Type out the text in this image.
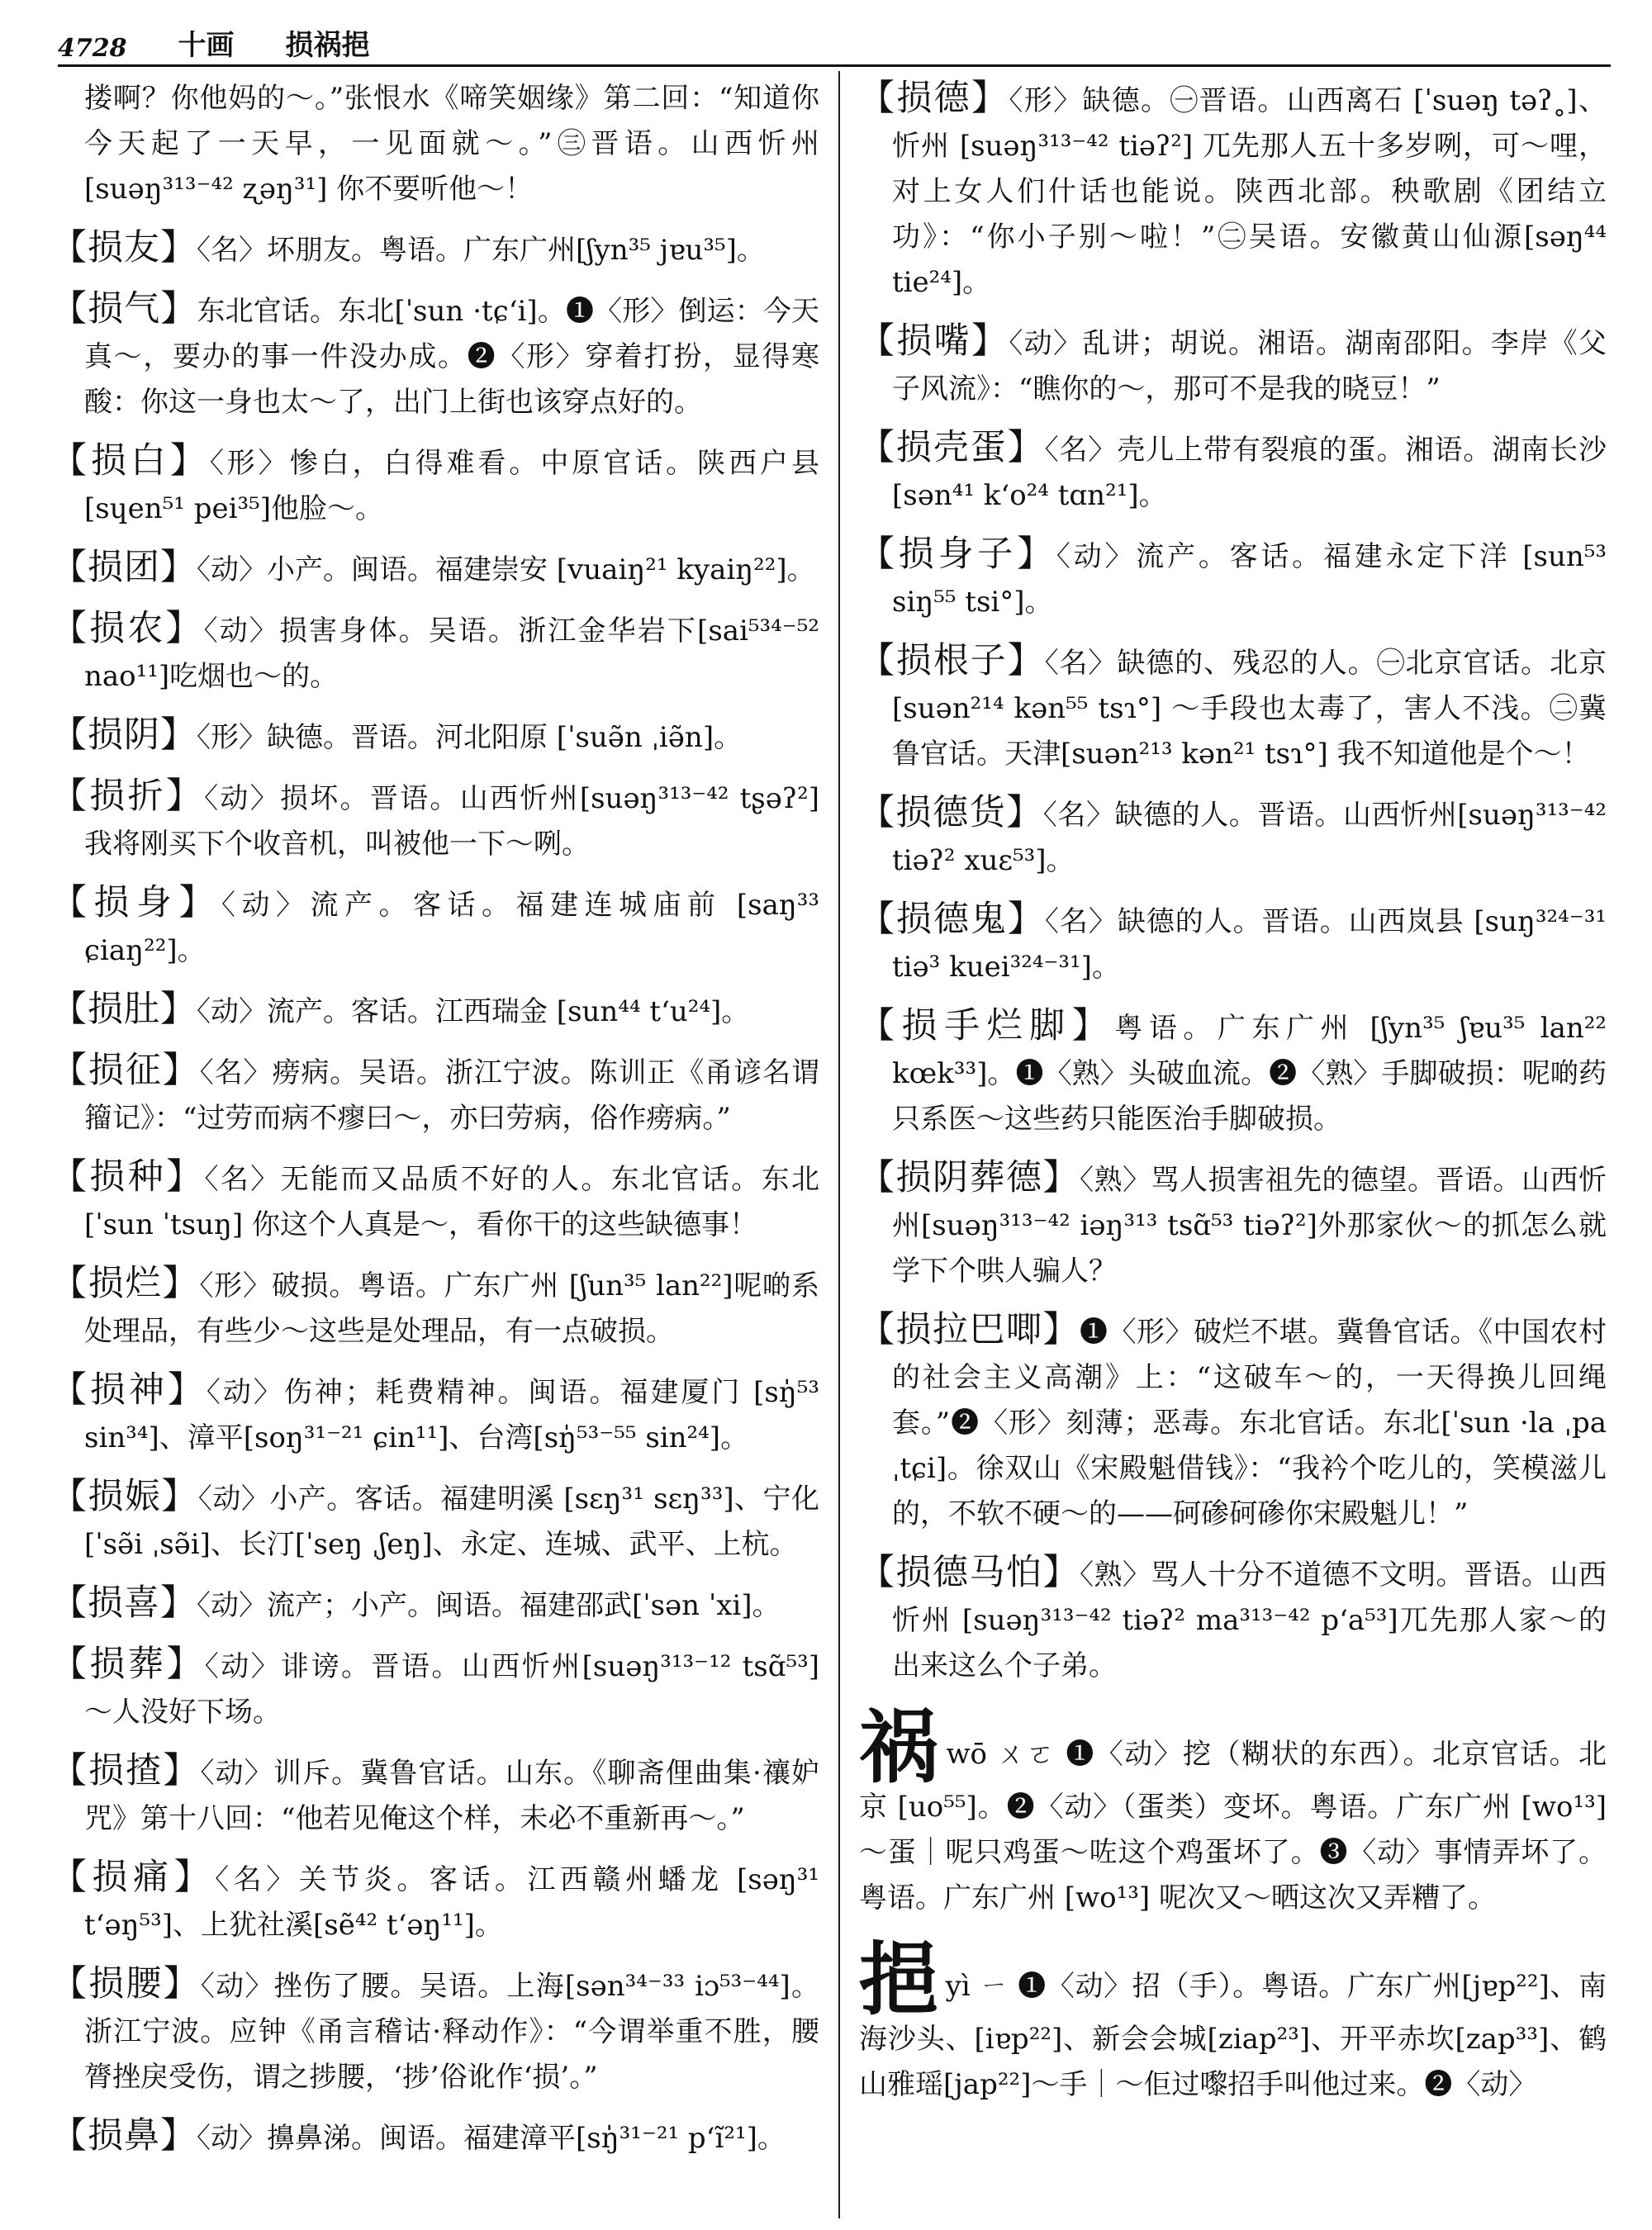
4728 十画 损祸挹

搂啊？你他妈的～。”张恨水《啼笑姻缘》第二回：“知道你今天起了一天早，一见面就～。”㊂晋语。山西忻州[suəŋ³¹³⁻⁴² ʐəŋ³¹] 你不要听他～！

【损友】〈名〉坏朋友。粤语。广东广州[ʃyn³⁵ jɐu³⁵]。

【损气】东北官话。东北[ˈsun ·tɕʻi]。❶〈形〉倒运：今天真～，要办的事一件没办成。❷〈形〉穿着打扮，显得寒酸：你这一身也太～了，出门上街也该穿点好的。

【损白】〈形〉惨白，白得难看。中原官话。陕西户县[sɥen⁵¹ pei³⁵]他脸～。

【损团】〈动〉小产。闽语。福建崇安 [vuaiŋ²¹ kyaiŋ²²]。

【损农】〈动〉损害身体。吴语。浙江金华岩下[sai⁵³⁴⁻⁵² nao¹¹]吃烟也～的。

【损阴】〈形〉缺德。晋语。河北阳原 [ˈsuə̃n ˌiə̃n]。

【损折】〈动〉损坏。晋语。山西忻州[suəŋ³¹³⁻⁴² tʂəʔ²] 我将刚买下个收音机，叫被他一下～咧。

【损身】〈动〉流产。客话。福建连城庙前 [saŋ³³ ɕiaŋ²²]。

【损肚】〈动〉流产。客话。江西瑞金 [sun⁴⁴ tʻu²⁴]。

【损征】〈名〉痨病。吴语。浙江宁波。陈训正《甬谚名谓籀记》：“过劳而病不瘳曰～，亦曰劳病，俗作痨病。”

【损种】〈名〉无能而又品质不好的人。东北官话。东北[ˈsun ˈtsuŋ] 你这个人真是～，看你干的这些缺德事！

【损烂】〈形〉破损。粤语。广东广州 [ʃun³⁵ lan²²]呢啲系处理品，有些少～这些是处理品，有一点破损。

【损神】〈动〉伤神；耗费精神。闽语。福建厦门 [sŋ̍⁵³ sin³⁴]、漳平[soŋ³¹⁻²¹ ɕin¹¹]、台湾[sŋ̍⁵³⁻⁵⁵ sin²⁴]。

【损娠】〈动〉小产。客话。福建明溪 [sɛŋ³¹ sɛŋ³³]、宁化[ˈsə̃i ˌsə̃i]、长汀[ˈseŋ ˌʃeŋ]、永定、连城、武平、上杭。

【损喜】〈动〉流产；小产。闽语。福建邵武[ˈsən ˈxi]。

【损葬】〈动〉诽谤。晋语。山西忻州[suəŋ³¹³⁻¹² tsɑ̃⁵³] ～人没好下场。

【损揸】〈动〉训斥。冀鲁官话。山东。《聊斋俚曲集·禳妒咒》第十八回：“他若见俺这个样，未必不重新再～。”

【损痛】〈名〉关节炎。客话。江西赣州蟠龙 [səŋ³¹ tʻəŋ⁵³]、上犹社溪[sẽ⁴² tʻəŋ¹¹]。

【损腰】〈动〉挫伤了腰。吴语。上海[sən³⁴⁻³³ iɔ⁵³⁻⁴⁴]。浙江宁波。应钟《甬言稽诂·释动作》：“今谓举重不胜，腰膂挫戾受伤，谓之捗腰，‘捗’俗讹作‘损’。”

【损鼻】〈动〉擤鼻涕。闽语。福建漳平[sŋ̍³¹⁻²¹ pʻĩ²¹]。

【损德】〈形〉缺德。㊀晋语。山西离石 [ˈsuəŋ təʔ˳]、忻州 [suəŋ³¹³⁻⁴² tiəʔ²] 兀先那人五十多岁咧，可～哩，对上女人们什话也能说。陕西北部。秧歌剧《团结立功》：“你小子别～啦！”㊁吴语。安徽黄山仙源[səŋ⁴⁴ tie²⁴]。

【损嘴】〈动〉乱讲；胡说。湘语。湖南邵阳。李岸《父子风流》：“瞧你的～，那可不是我的晓豆！”

【损壳蛋】〈名〉壳儿上带有裂痕的蛋。湘语。湖南长沙[sən⁴¹ kʻo²⁴ tɑn²¹]。

【损身子】〈动〉流产。客话。福建永定下洋 [sun⁵³ siŋ⁵⁵ tsi°]。

【损根子】〈名〉缺德的、残忍的人。㊀北京官话。北京[suən²¹⁴ kən⁵⁵ tsɿ°] ～手段也太毒了，害人不浅。㊁冀鲁官话。天津[suən²¹³ kən²¹ tsɿ°] 我不知道他是个～！

【损德货】〈名〉缺德的人。晋语。山西忻州[suəŋ³¹³⁻⁴² tiəʔ² xuɛ⁵³]。

【损德鬼】〈名〉缺德的人。晋语。山西岚县 [suŋ³²⁴⁻³¹ tiə³ kuei³²⁴⁻³¹]。

【损手烂脚】粤语。广东广州 [ʃyn³⁵ ʃɐu³⁵ lan²² kœk³³]。❶〈熟〉头破血流。❷〈熟〉手脚破损：呢啲药只系医～这些药只能医治手脚破损。

【损阴葬德】〈熟〉骂人损害祖先的德望。晋语。山西忻州[suəŋ³¹³⁻⁴² iəŋ³¹³ tsɑ̃⁵³ tiəʔ²]外那家伙～的抓怎么就学下个哄人骗人？

【损拉巴唧】❶〈形〉破烂不堪。冀鲁官话。《中国农村的社会主义高潮》上：“这破车～的，一天得换儿回绳套。”❷〈形〉刻薄；恶毒。东北官话。东北[ˈsun ·la ˌpa ˌtɕi]。徐双山《宋殿魁借钱》：“我衿个吃儿的，笑模滋儿的，不软不硬～的——砢碜砢碜你宋殿魁儿！”

【损德马怕】〈熟〉骂人十分不道德不文明。晋语。山西忻州 [suəŋ³¹³⁻⁴² tiəʔ² ma³¹³⁻⁴² pʻa⁵³]兀先那人家～的出来这么个子弟。

祸wō ㄨㄛ ❶〈动〉挖（糊状的东西）。北京官话。北京 [uo⁵⁵]。❷〈动〉（蛋类）变坏。粤语。广东广州 [wo¹³] ～蛋｜呢只鸡蛋～咗这个鸡蛋坏了。❸〈动〉事情弄坏了。粤语。广东广州 [wo¹³] 呢次又～晒这次又弄糟了。

挹yì ㄧ ❶〈动〉招（手）。粤语。广东广州[jɐp²²]、南海沙头、[iɐp²²]、新会会城[ziap²³]、开平赤坎[zap³³]、鹤山雅瑶[jap²²]～手｜～佢过嚟招手叫他过来。❷〈动〉
